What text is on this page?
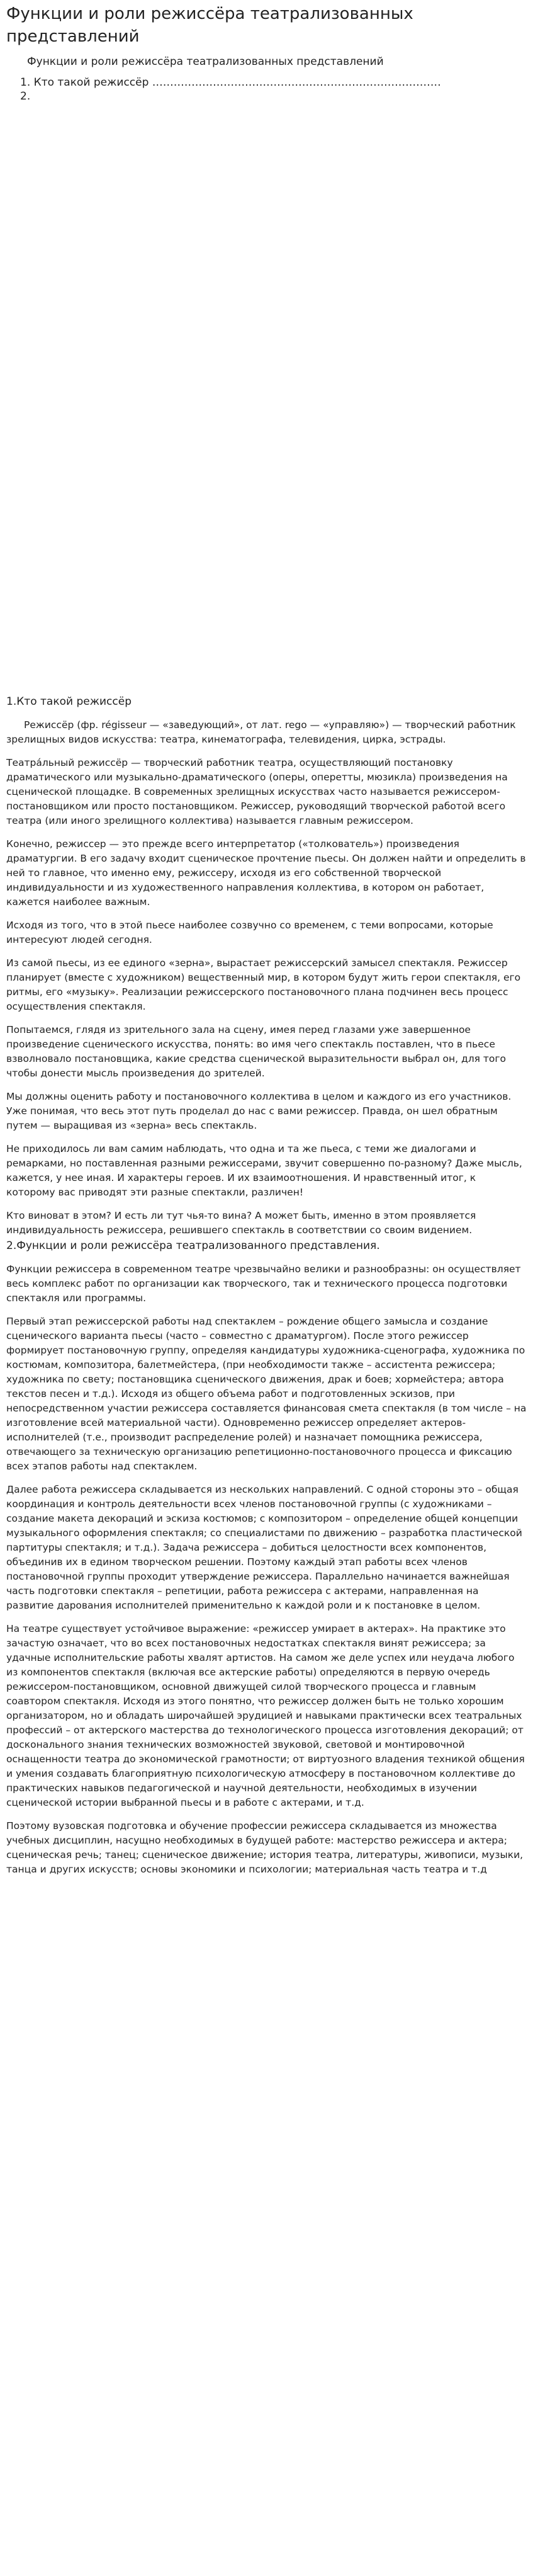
Функции и роли режиссёра театрализованных представлений
Функции и роли режиссёра театрализованных представлений
1. Кто такой режиссёр ………………………………………………………………………
2.
1.Кто такой режиссёр

Режиссёр (фр. régisseur — «заведующий», от лат. rego — «управляю») — творческий работник зрелищных видов искусства: театра, кинематографа, телевидения, цирка, эстрады.

Театра́льный режиссёр — творческий работник театра, осуществляющий постановку драматического или музыкально-драматического (оперы, оперетты, мюзикла) произведения на сценической площадке. В современных зрелищных искусствах часто называется режиссером-постановщиком или просто постановщиком. Режиссер, руководящий творческой работой всего театра (или иного зрелищного коллектива) называется главным режиссером.

Конечно, режиссер — это прежде всего интерпретатор («толкователь») произведения драматургии. В его задачу входит сценическое прочтение пьесы. Он должен найти и определить в ней то главное, что именно ему, режиссеру, исходя из его собственной творческой индивидуальности и из художественного направления коллектива, в котором он работает, кажется наиболее важным.

Исходя из того, что в этой пьесе наиболее созвучно со временем, с теми вопросами, которые интересуют людей сегодня.

Из самой пьесы, из ее единого «зерна», вырастает режиссерский замысел спектакля. Режиссер планирует (вместе с художником) вещественный мир, в котором будут жить герои спектакля, его ритмы, его «музыку». Реализации режиссерского постановочного плана подчинен весь процесс осуществления спектакля.

Попытаемся, глядя из зрительного зала на сцену, имея перед глазами уже завершенное произведение сценического искусства, понять: во имя чего спектакль поставлен, что в пьесе взволновало постановщика, какие средства сценической выразительности выбрал он, для того чтобы донести мысль произведения до зрителей.

Мы должны оценить работу и постановочного коллектива в целом и каждого из его участников. Уже понимая, что весь этот путь проделал до нас с вами режиссер. Правда, он шел обратным путем — выращивая из «зерна» весь спектакль.

Не приходилось ли вам самим наблюдать, что одна и та же пьеса, с теми же диалогами и ремарками, но поставленная разными режиссерами, звучит совершенно по-разному? Даже мысль, кажется, у нее иная. И характеры героев. И их взаимоотношения. И нравственный итог, к которому вас приводят эти разные спектакли, различен!

Кто виноват в этом? И есть ли тут чья-то вина? А может быть, именно в этом проявляется индивидуальность режиссера, решившего спектакль в соответствии со своим видением.

2.Функции и роли режиссёра театрализованного представления.

Функции режиссера в современном театре чрезвычайно велики и разнообразны: он осуществляет весь комплекс работ по организации как творческого, так и технического процесса подготовки спектакля или программы.

Первый этап режиссерской работы над спектаклем – рождение общего замысла и создание сценического варианта пьесы (часто – совместно с драматургом). После этого режиссер формирует постановочную группу, определяя кандидатуры художника-сценографа, художника по костюмам, композитора, балетмейстера, (при необходимости также – ассистента режиссера; художника по свету; постановщика сценического движения, драк и боев; хормейстера; автора текстов песен и т.д.). Исходя из общего объема работ и подготовленных эскизов, при непосредственном участии режиссера составляется финансовая смета спектакля (в том числе – на изготовление всей материальной части). Одновременно режиссер определяет актеров-исполнителей (т.е., производит распределение ролей) и назначает помощника режиссера, отвечающего за техническую организацию репетиционно-постановочного процесса и фиксацию всех этапов работы над спектаклем.

Далее работа режиссера складывается из нескольких направлений. С одной стороны это – общая координация и контроль деятельности всех членов постановочной группы (с художниками – создание макета декораций и эскиза костюмов; с композитором – определение общей концепции музыкального оформления спектакля; со специалистами по движению – разработка пластической партитуры спектакля; и т.д.). Задача режиссера – добиться целостности всех компонентов, объединив их в едином творческом решении. Поэтому каждый этап работы всех членов постановочной группы проходит утверждение режиссера. Параллельно начинается важнейшая часть подготовки спектакля – репетиции, работа режиссера с актерами, направленная на развитие дарования исполнителей применительно к каждой роли и к постановке в целом.

На театре существует устойчивое выражение: «режиссер умирает в актерах». На практике это зачастую означает, что во всех постановочных недостатках спектакля винят режиссера; за удачные исполнительские работы хвалят артистов. На самом же деле успех или неудача любого из компонентов спектакля (включая все актерские работы) определяются в первую очередь режиссером-постановщиком, основной движущей силой творческого процесса и главным соавтором спектакля. Исходя из этого понятно, что режиссер должен быть не только хорошим организатором, но и обладать широчайшей эрудицией и навыками практически всех театральных профессий – от актерского мастерства до технологического процесса изготовления декораций; от досконального знания технических возможностей звуковой, световой и монтировочной оснащенности театра до экономической грамотности; от виртуозного владения техникой общения и умения создавать благоприятную психологическую атмосферу в постановочном коллективе до практических навыков педагогической и научной деятельности, необходимых в изучении сценической истории выбранной пьесы и в работе с актерами, и т.д.

Поэтому вузовская подготовка и обучение профессии режиссера складывается из множества учебных дисциплин, насущно необходимых в будущей работе: мастерство режиссера и актера; сценическая речь; танец; сценическое движение; история театра, литературы, живописи, музыки, танца и других искусств; основы экономики и психологии; материальная часть театра и т.д
